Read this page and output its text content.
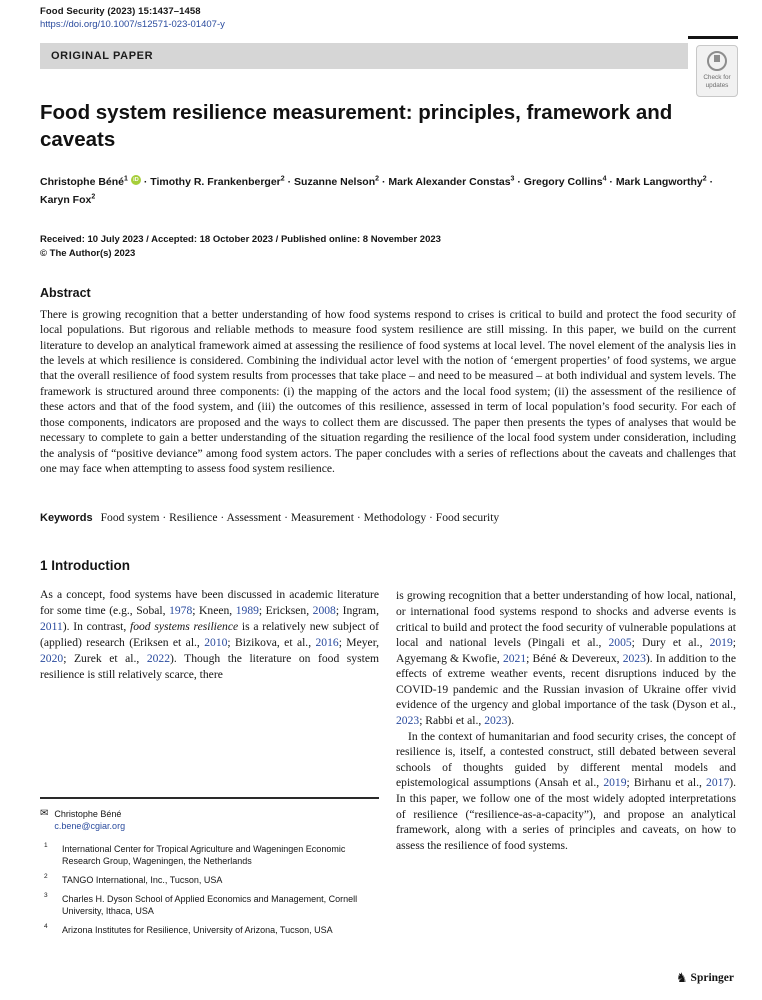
Food Security (2023) 15:1437–1458
https://doi.org/10.1007/s12571-023-01407-y
ORIGINAL PAPER
Check for
updates
Food system resilience measurement: principles, framework and caveats
Christophe Béné$^1$ iD · Timothy R. Frankenberger$^2$ · Suzanne Nelson$^2$ · Mark Alexander Constas$^3$ · Gregory Collins$^4$ · Mark Langworthy$^2$ · Karyn Fox$^2$
Received: 10 July 2023 / Accepted: 18 October 2023 / Published online: 8 November 2023
© The Author(s) 2023
Abstract
There is growing recognition that a better understanding of how food systems respond to crises is critical to build and protect the food security of local populations. But rigorous and reliable methods to measure food system resilience are still missing. In this paper, we build on the current literature to develop an analytical framework aimed at assessing the resilience of food systems at local level. The novel element of the analysis lies in the levels at which resilience is considered. Combining the individual actor level with the notion of ‘emergent properties’ of food systems, we argue that the overall resilience of food system results from processes that take place – and need to be measured – at both individual and system levels. The framework is structured around three components: (i) the mapping of the actors and the local food system; (ii) the assessment of the resilience of these actors and that of the food system, and (iii) the outcomes of this resilience, assessed in term of local population’s food security. For each of those components, indicators are proposed and the ways to collect them are discussed. The paper then presents the types of analyses that would be necessary to complete to gain a better understanding of the situation regarding the resilience of the local food system under consideration, including the analysis of “positive deviance” among food system actors. The paper concludes with a series of reflections about the caveats and challenges that one may face when attempting to assess food system resilience.
Keywords Food system · Resilience · Assessment · Measurement · Methodology · Food security
1 Introduction

As a concept, food systems have been discussed in academic literature for some time (e.g., Sobal, 1978; Kneen, 1989; Ericksen, 2008; Ingram, 2011). In contrast, food systems resilience is a relatively new subject of (applied) research (Eriksen et al., 2010; Bizikova, et al., 2016; Meyer, 2020; Zurek et al., 2022). Though the literature on food system resilience is still relatively scarce, there

✉ Christophe Béné
c.bene@cgiar.org
1	International Center for Tropical Agriculture and Wageningen Economic Research Group, Wageningen, the Netherlands
2	TANGO International, Inc., Tucson, USA
3	Charles H. Dyson School of Applied Economics and Management, Cornell University, Ithaca, USA
4	Arizona Institutes for Resilience, University of Arizona, Tucson, USA

is growing recognition that a better understanding of how local, national, or international food systems respond to shocks and adverse events is critical to build and protect the food security of vulnerable populations at local and national levels (Pingali et al., 2005; Dury et al., 2019; Agyemang & Kwofie, 2021; Béné & Devereux, 2023). In addition to the effects of extreme weather events, recent disruptions induced by the COVID-19 pandemic and the Russian invasion of Ukraine offer vivid evidence of the urgency and global importance of the task (Dyson et al., 2023; Rabbi et al., 2023).

In the context of humanitarian and food security crises, the concept of resilience is, itself, a contested construct, still debated between several schools of thoughts guided by different mental models and epistemological assumptions (Ansah et al., 2019; Birhanu et al., 2017). In this paper, we follow one of the most widely adopted interpretations of resilience (“resilience-as-a-capacity”), and propose an analytical framework, along with a series of principles and caveats, on how to assess the resilience of food systems.

♞ Springer
